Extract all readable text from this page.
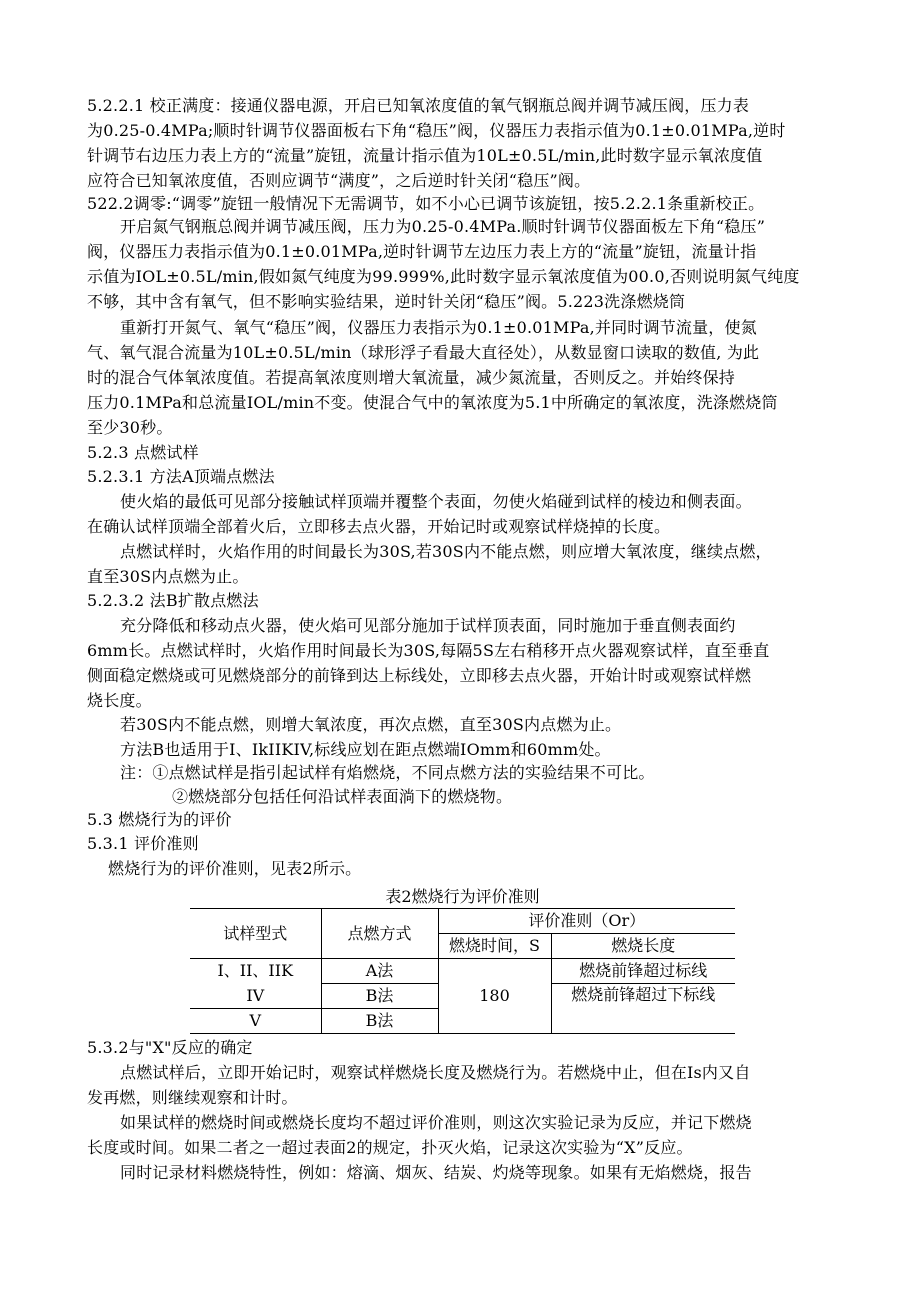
5.2.2.1 校正满度：接通仪器电源，开启已知氧浓度值的氧气钢瓶总阀并调节减压阀，压力表
为0.25-0.4MPa;顺时针调节仪器面板右下角“稳压”阀，仪器压力表指示值为0.1±0.01MPa,逆时
针调节右边压力表上方的“流量”旋钮，流量计指示值为10L±0.5L/min,此时数字显示氧浓度值
应符合已知氧浓度值，否则应调节“满度”，之后逆时针关闭“稳压”阀。
522.2调零:“调零”旋钮一般情况下无需调节，如不小心已调节该旋钮，按5.2.2.1条重新校正。
开启氮气钢瓶总阀并调节减压阀，压力为0.25-0.4MPa.顺时针调节仪器面板左下角“稳压”
阀，仪器压力表指示值为0.1±0.01MPa,逆时针调节左边压力表上方的“流量”旋钮，流量计指
示值为IOL±0.5L/min,假如氮气纯度为99.999%,此时数字显示氧浓度值为00.0,否则说明氮气纯度
不够，其中含有氧气，但不影响实验结果，逆时针关闭“稳压”阀。5.223洗涤燃烧筒
重新打开氮气、氧气“稳压”阀，仪器压力表指示为0.1±0.01MPa,并同时调节流量，使氮
气、氧气混合流量为10L±0.5L/min（球形浮子看最大直径处），从数显窗口读取的数值, 为此
时的混合气体氧浓度值。若提高氧浓度则增大氧流量，减少氮流量，否则反之。并始终保持
压力0.1MPa和总流量IOL/min不变。使混合气中的氧浓度为5.1中所确定的氧浓度，洗涤燃烧筒
至少30秒。
5.2.3 点燃试样
5.2.3.1 方法A顶端点燃法
使火焰的最低可见部分接触试样顶端并覆整个表面，勿使火焰碰到试样的棱边和侧表面。
在确认试样顶端全部着火后，立即移去点火器，开始记时或观察试样烧掉的长度。
点燃试样时，火焰作用的时间最长为30S,若30S内不能点燃，则应增大氧浓度，继续点燃，
直至30S内点燃为止。
5.2.3.2 法B扩散点燃法
充分降低和移动点火器，使火焰可见部分施加于试样顶表面，同时施加于垂直侧表面约
6mm长。点燃试样时，火焰作用时间最长为30S,每隔5S左右稍移开点火器观察试样，直至垂直
侧面稳定燃烧或可见燃烧部分的前锋到达上标线处，立即移去点火器，开始计时或观察试样燃
烧长度。
若30S内不能点燃，则增大氧浓度，再次点燃，直至30S内点燃为止。
方法B也适用于I、IkIIKIV,标线应划在距点燃端IOmm和60mm处。
注：①点燃试样是指引起试样有焰燃烧，不同点燃方法的实验结果不可比。
②燃烧部分包括任何沿试样表面淌下的燃烧物。
5.3 燃烧行为的评价
5.3.1 评价准则
燃烧行为的评价准则，见表2所示。
表2燃烧行为评价准则
试样型式	点燃方式	评价准则（Or）	
		燃烧时间，S	燃烧长度
I、II、IIK	A法	180	燃烧前锋超过标线
IV	B法		燃烧前锋超过下标线
V	B法		
5.3.2与"X"反应的确定
点燃试样后，立即开始记时，观察试样燃烧长度及燃烧行为。若燃烧中止，但在Is内又自
发再燃，则继续观察和计时。
如果试样的燃烧时间或燃烧长度均不超过评价准则，则这次实验记录为反应，并记下燃烧
长度或时间。如果二者之一超过表面2的规定，扑灭火焰，记录这次实验为“X”反应。
同时记录材料燃烧特性，例如：熔滴、烟灰、结炭、灼烧等现象。如果有无焰燃烧，报告
